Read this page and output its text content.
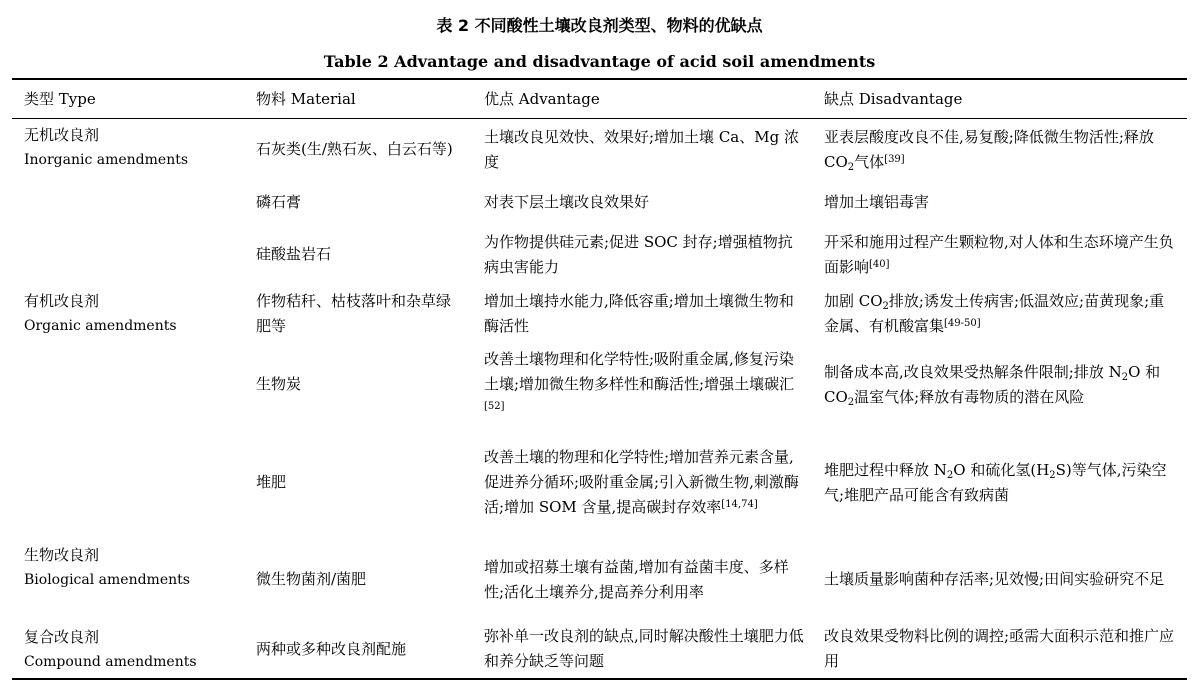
表 2 不同酸性土壤改良剂类型、物料的优缺点
Table 2 Advantage and disadvantage of acid soil amendments
类型 Type	物料 Material	优点 Advantage	缺点 Disadvantage
无机改良剂
Inorganic amendments	石灰类(生/熟石灰、白云石等)	土壤改良见效快、效果好;增加土壤 Ca、Mg 浓度	亚表层酸度改良不佳,易复酸;降低微生物活性;释放 $CO_2$气体[39]
	磷石膏	对表下层土壤改良效果好	增加土壤铝毒害
	硅酸盐岩石	为作物提供硅元素;促进 SOC 封存;增强植物抗病虫害能力	开采和施用过程产生颗粒物,对人体和生态环境产生负面影响[40]
有机改良剂
Organic amendments	作物秸秆、枯枝落叶和杂草绿肥等	增加土壤持水能力,降低容重;增加土壤微生物和酶活性	加剧 $CO_2$排放;诱发土传病害;低温效应;苗黄现象;重金属、有机酸富集[49-50]
	生物炭	改善土壤物理和化学特性;吸附重金属,修复污染土壤;增加微生物多样性和酶活性;增强土壤碳汇[52]	制备成本高,改良效果受热解条件限制;排放 $N_2O$ 和 $CO_2$温室气体;释放有毒物质的潜在风险
	堆肥	改善土壤的物理和化学特性;增加营养元素含量,促进养分循环;吸附重金属;引入新微生物,刺激酶活;增加 SOM 含量,提高碳封存效率[14,74]	堆肥过程中释放 $N_2O$ 和硫化氢$(H_2S)$等气体,污染空气;堆肥产品可能含有致病菌
生物改良剂
Biological amendments	微生物菌剂/菌肥	增加或招募土壤有益菌,增加有益菌丰度、多样性;活化土壤养分,提高养分利用率	土壤质量影响菌种存活率;见效慢;田间实验研究不足
复合改良剂
Compound amendments	两种或多种改良剂配施	弥补单一改良剂的缺点,同时解决酸性土壤肥力低和养分缺乏等问题	改良效果受物料比例的调控;亟需大面积示范和推广应用
